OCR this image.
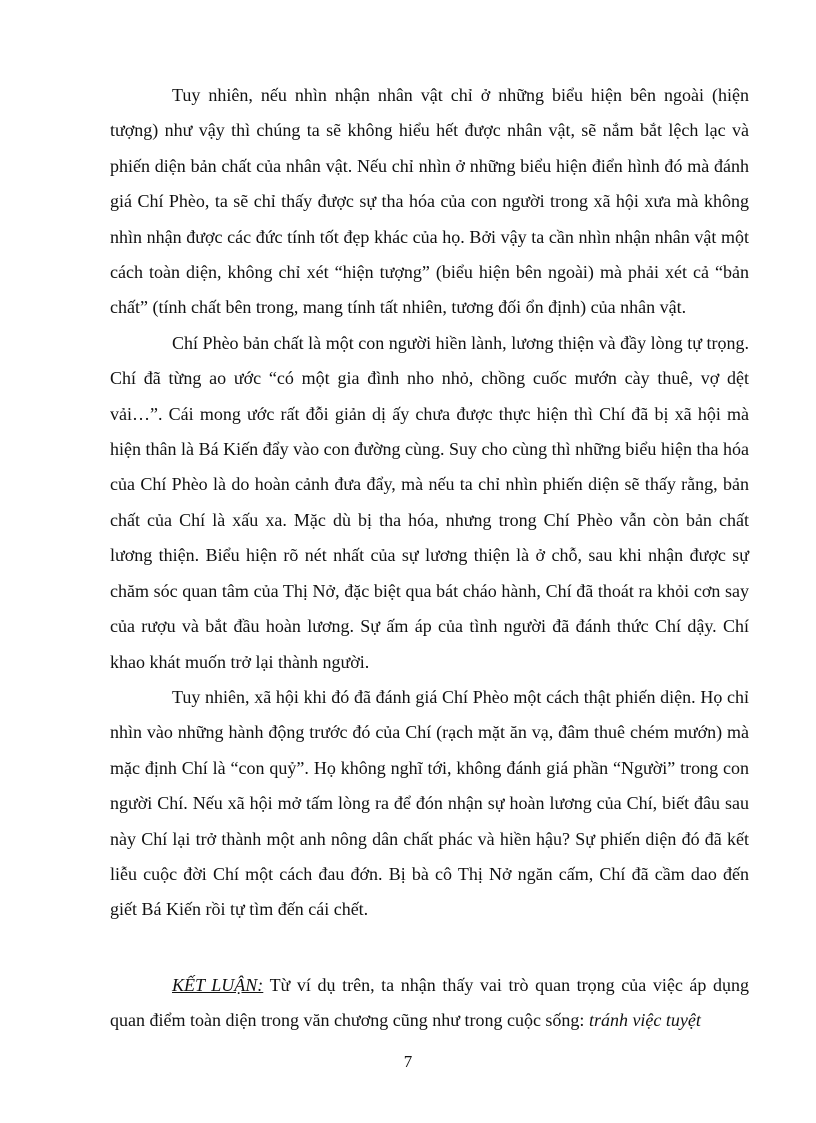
Tuy nhiên, nếu nhìn nhận nhân vật chỉ ở những biểu hiện bên ngoài (hiện tượng) như vậy thì chúng ta sẽ không hiểu hết được nhân vật, sẽ nắm bắt lệch lạc và phiến diện bản chất của nhân vật. Nếu chỉ nhìn ở những biểu hiện điển hình đó mà đánh giá Chí Phèo, ta sẽ chỉ thấy được sự tha hóa của con người trong xã hội xưa mà không nhìn nhận được các đức tính tốt đẹp khác của họ. Bởi vậy ta cần nhìn nhận nhân vật một cách toàn diện, không chỉ xét “hiện tượng” (biểu hiện bên ngoài) mà phải xét cả “bản chất” (tính chất bên trong, mang tính tất nhiên, tương đối ổn định) của nhân vật.

Chí Phèo bản chất là một con người hiền lành, lương thiện và đầy lòng tự trọng. Chí đã từng ao ước “có một gia đình nho nhỏ, chồng cuốc mướn cày thuê, vợ dệt vải…”. Cái mong ước rất đỗi giản dị ấy chưa được thực hiện thì Chí đã bị xã hội mà hiện thân là Bá Kiến đẩy vào con đường cùng. Suy cho cùng thì những biểu hiện tha hóa của Chí Phèo là do hoàn cảnh đưa đẩy, mà nếu ta chỉ nhìn phiến diện sẽ thấy rằng, bản chất của Chí là xấu xa. Mặc dù bị tha hóa, nhưng trong Chí Phèo vẫn còn bản chất lương thiện. Biểu hiện rõ nét nhất của sự lương thiện là ở chỗ, sau khi nhận được sự chăm sóc quan tâm của Thị Nở, đặc biệt qua bát cháo hành, Chí đã thoát ra khỏi cơn say của rượu và bắt đầu hoàn lương. Sự ấm áp của tình người đã đánh thức Chí dậy. Chí khao khát muốn trở lại thành người.

Tuy nhiên, xã hội khi đó đã đánh giá Chí Phèo một cách thật phiến diện. Họ chỉ nhìn vào những hành động trước đó của Chí (rạch mặt ăn vạ, đâm thuê chém mướn) mà mặc định Chí là “con quỷ”. Họ không nghĩ tới, không đánh giá phần “Người” trong con người Chí. Nếu xã hội mở tấm lòng ra để đón nhận sự hoàn lương của Chí, biết đâu sau này Chí lại trở thành một anh nông dân chất phác và hiền hậu? Sự phiến diện đó đã kết liễu cuộc đời Chí một cách đau đớn. Bị bà cô Thị Nở ngăn cấm, Chí đã cầm dao đến giết Bá Kiến rồi tự tìm đến cái chết.

KẾT LUẬN: Từ ví dụ trên, ta nhận thấy vai trò quan trọng của việc áp dụng quan điểm toàn diện trong văn chương cũng như trong cuộc sống: tránh việc tuyệt

7
